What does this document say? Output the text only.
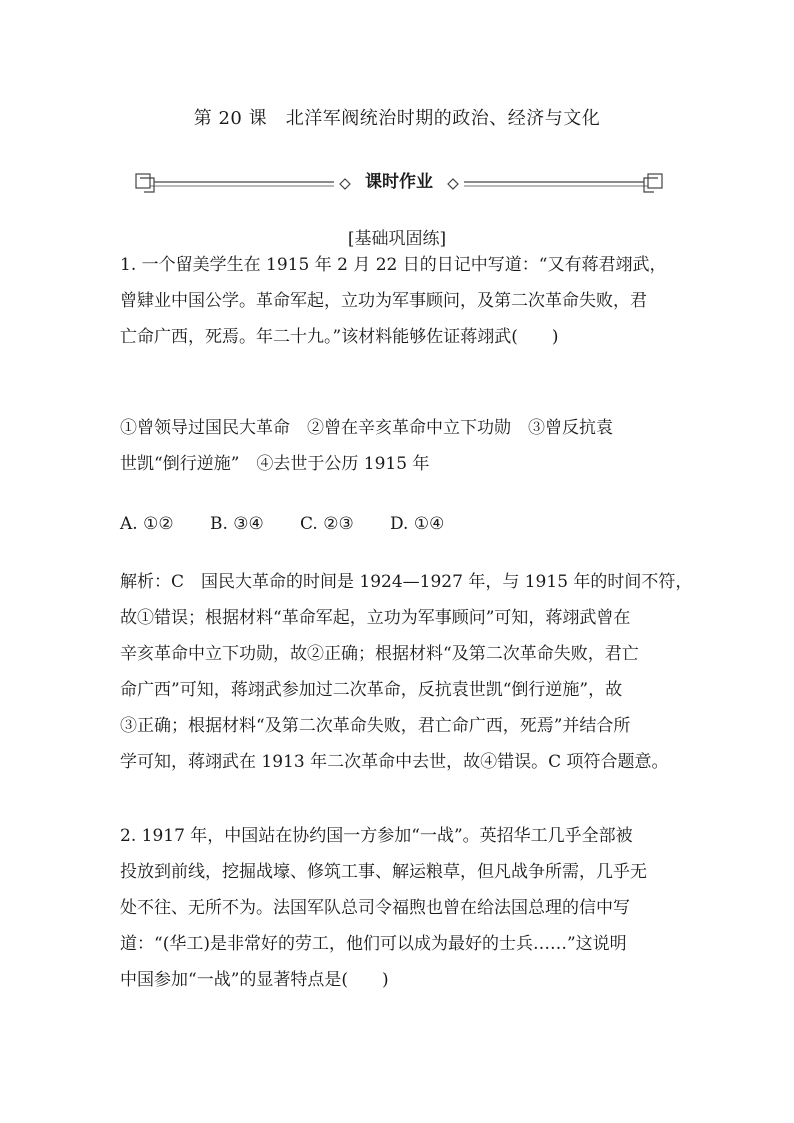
第 20 课   北洋军阀统治时期的政治、经济与文化
课时作业
[基础巩固练]
1. 一个留美学生在 1915 年 2 月 22 日的日记中写道：“又有蒋君翊武，
曾肄业中国公学。革命军起，立功为军事顾问，及第二次革命失败，君
亡命广西，死焉。年二十九。”该材料能够佐证蒋翊武(　　)
①曾领导过国民大革命　②曾在辛亥革命中立下功勋　③曾反抗袁
世凯“倒行逆施”　④去世于公历 1915 年
A. ①② B. ③④ C. ②③ D. ①④
解析：C　国民大革命的时间是 1924—1927 年，与 1915 年的时间不符，
故①错误；根据材料“革命军起，立功为军事顾问”可知，蒋翊武曾在
辛亥革命中立下功勋，故②正确；根据材料“及第二次革命失败，君亡
命广西”可知，蒋翊武参加过二次革命，反抗袁世凯“倒行逆施”，故
③正确；根据材料“及第二次革命失败，君亡命广西，死焉”并结合所
学可知，蒋翊武在 1913 年二次革命中去世，故④错误。C 项符合题意。
2. 1917 年，中国站在协约国一方参加“一战”。英招华工几乎全部被
投放到前线，挖掘战壕、修筑工事、解运粮草，但凡战争所需，几乎无
处不往、无所不为。法国军队总司令福煦也曾在给法国总理的信中写
道：“(华工)是非常好的劳工，他们可以成为最好的士兵……”这说明
中国参加“一战”的显著特点是(　　)
